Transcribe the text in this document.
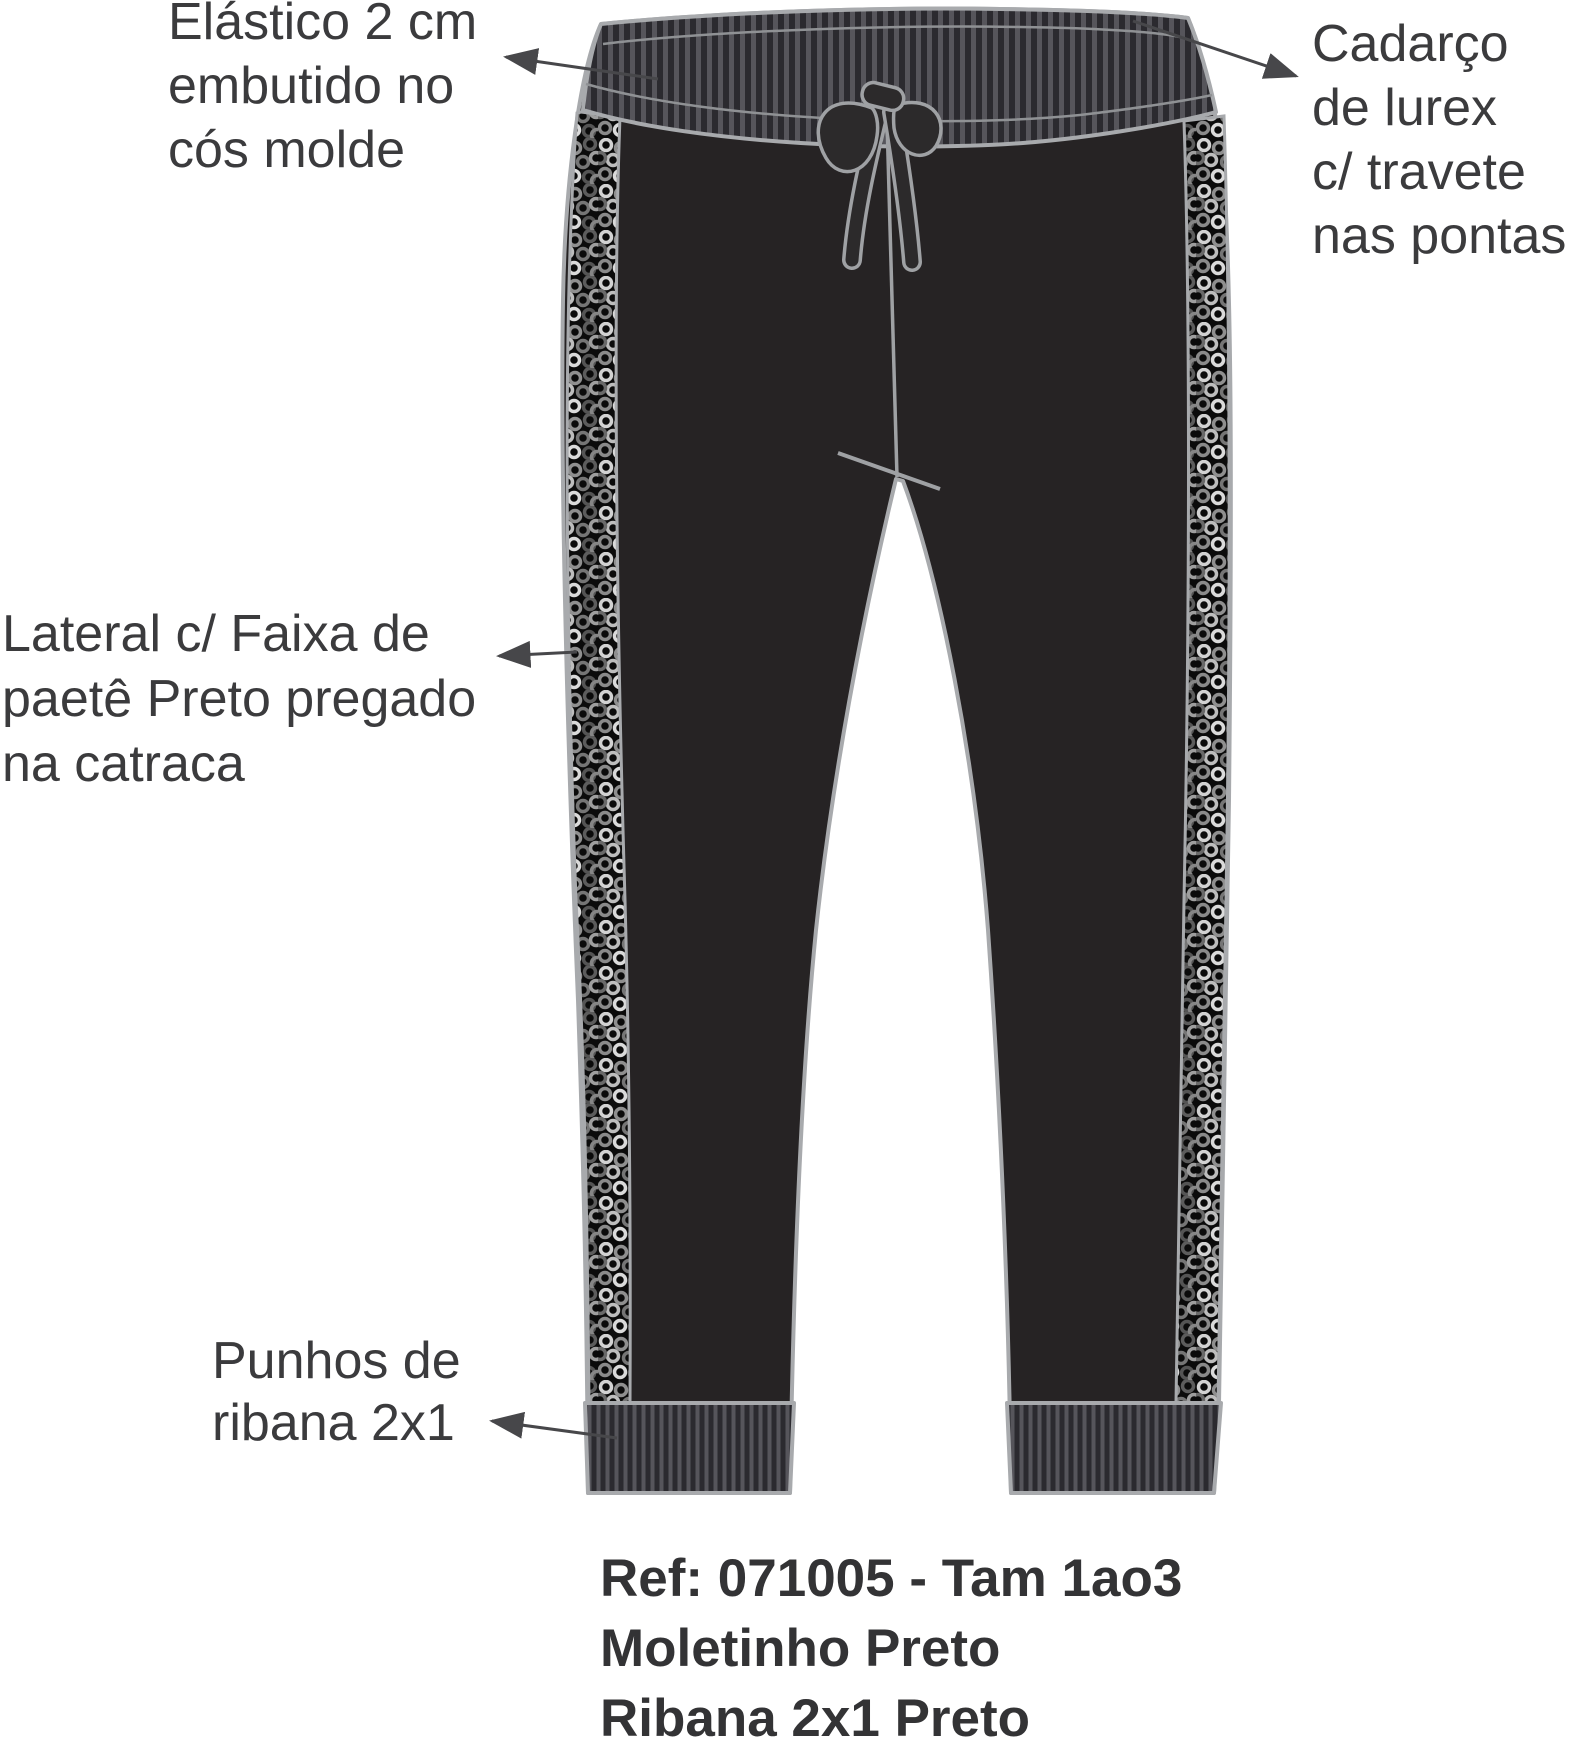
Elástico 2 cm
embutido no
cós molde
Cadarço
de lurex
c/ travete
nas pontas
Lateral c/ Faixa de
paetê Preto pregado
na catraca
Punhos de
ribana 2x1
Ref: 071005 - Tam 1ao3
Moletinho Preto
Ribana 2x1 Preto
